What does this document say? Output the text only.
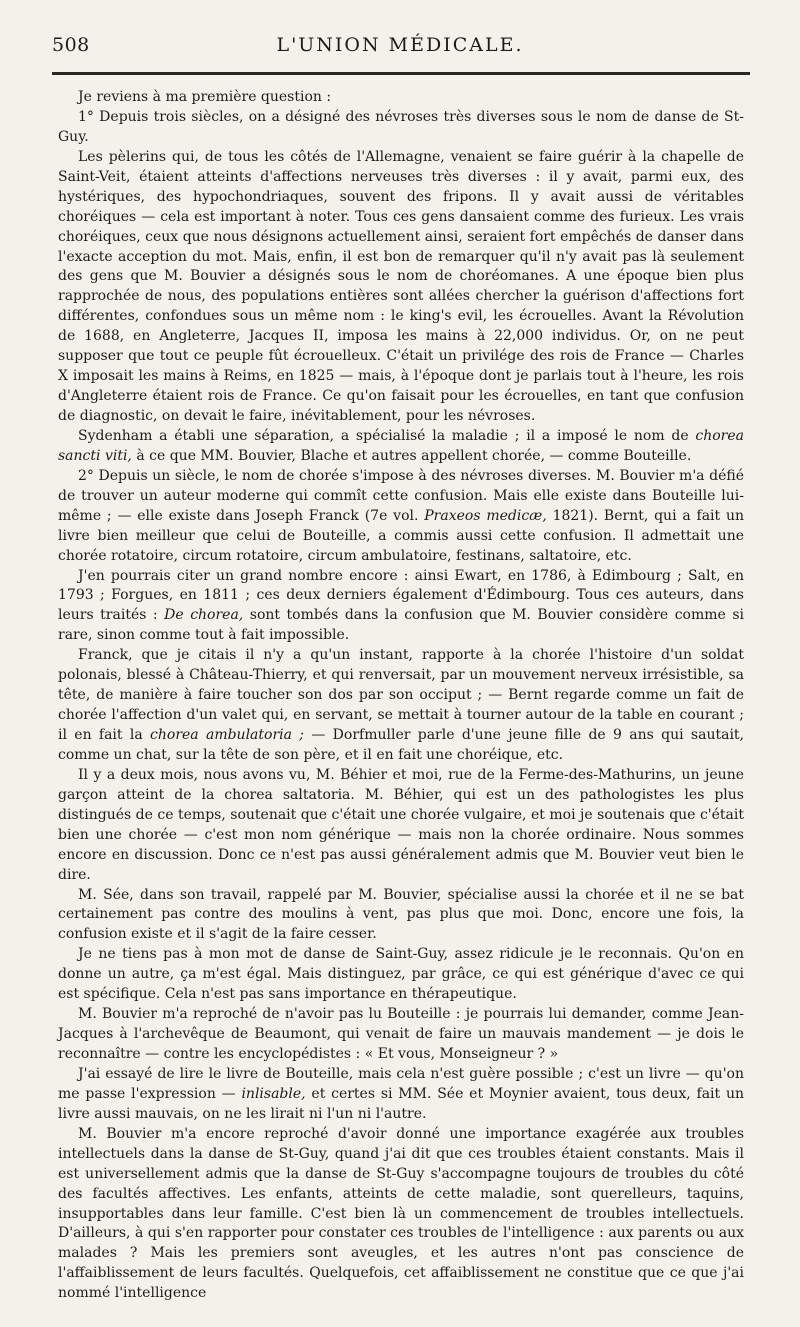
508	L'UNION MÉDICALE.

Je reviens à ma première question :

1° Depuis trois siècles, on a désigné des névroses très diverses sous le nom de danse de St-Guy.

Les pèlerins qui, de tous les côtés de l'Allemagne, venaient se faire guérir à la chapelle de Saint-Veit, étaient atteints d'affections nerveuses très diverses : il y avait, parmi eux, des hystériques, des hypochondriaques, souvent des fripons. Il y avait aussi de véritables choréiques — cela est important à noter. Tous ces gens dansaient comme des furieux. Les vrais choréiques, ceux que nous désignons actuellement ainsi, seraient fort empêchés de danser dans l'exacte acception du mot. Mais, enfin, il est bon de remarquer qu'il n'y avait pas là seulement des gens que M. Bouvier a désignés sous le nom de choréomanes. A une époque bien plus rapprochée de nous, des populations entières sont allées chercher la guérison d'affections fort différentes, confondues sous un même nom : le king's evil, les écrouelles. Avant la Révolution de 1688, en Angleterre, Jacques II, imposa les mains à 22,000 individus. Or, on ne peut supposer que tout ce peuple fût écrouelleux. C'était un privilége des rois de France — Charles X imposait les mains à Reims, en 1825 — mais, à l'époque dont je parlais tout à l'heure, les rois d'Angleterre étaient rois de France. Ce qu'on faisait pour les écrouelles, en tant que confusion de diagnostic, on devait le faire, inévitablement, pour les névroses.

Sydenham a établi une séparation, a spécialisé la maladie ; il a imposé le nom de chorea sancti viti, à ce que MM. Bouvier, Blache et autres appellent chorée, — comme Bouteille.

2° Depuis un siècle, le nom de chorée s'impose à des névroses diverses. M. Bouvier m'a défié de trouver un auteur moderne qui commît cette confusion. Mais elle existe dans Bouteille lui-même ; — elle existe dans Joseph Franck (7e vol. Praxeos medicæ, 1821). Bernt, qui a fait un livre bien meilleur que celui de Bouteille, a commis aussi cette confusion. Il admettait une chorée rotatoire, circum rotatoire, circum ambulatoire, festinans, saltatoire, etc.

J'en pourrais citer un grand nombre encore : ainsi Ewart, en 1786, à Edimbourg ; Salt, en 1793 ; Forgues, en 1811 ; ces deux derniers également d'Édimbourg. Tous ces auteurs, dans leurs traités : De chorea, sont tombés dans la confusion que M. Bouvier considère comme si rare, sinon comme tout à fait impossible.

Franck, que je citais il n'y a qu'un instant, rapporte à la chorée l'histoire d'un soldat polonais, blessé à Château-Thierry, et qui renversait, par un mouvement nerveux irrésistible, sa tête, de manière à faire toucher son dos par son occiput ; — Bernt regarde comme un fait de chorée l'affection d'un valet qui, en servant, se mettait à tourner autour de la table en courant ; il en fait la chorea ambulatoria ; — Dorfmuller parle d'une jeune fille de 9 ans qui sautait, comme un chat, sur la tête de son père, et il en fait une choréique, etc.

Il y a deux mois, nous avons vu, M. Béhier et moi, rue de la Ferme-des-Mathurins, un jeune garçon atteint de la chorea saltatoria. M. Béhier, qui est un des pathologistes les plus distingués de ce temps, soutenait que c'était une chorée vulgaire, et moi je soutenais que c'était bien une chorée — c'est mon nom générique — mais non la chorée ordinaire. Nous sommes encore en discussion. Donc ce n'est pas aussi généralement admis que M. Bouvier veut bien le dire.

M. Sée, dans son travail, rappelé par M. Bouvier, spécialise aussi la chorée et il ne se bat certainement pas contre des moulins à vent, pas plus que moi. Donc, encore une fois, la confusion existe et il s'agit de la faire cesser.

Je ne tiens pas à mon mot de danse de Saint-Guy, assez ridicule je le reconnais. Qu'on en donne un autre, ça m'est égal. Mais distinguez, par grâce, ce qui est générique d'avec ce qui est spécifique. Cela n'est pas sans importance en thérapeutique.

M. Bouvier m'a reproché de n'avoir pas lu Bouteille : je pourrais lui demander, comme Jean-Jacques à l'archevêque de Beaumont, qui venait de faire un mauvais mandement — je dois le reconnaître — contre les encyclopédistes : « Et vous, Monseigneur ? »

J'ai essayé de lire le livre de Bouteille, mais cela n'est guère possible ; c'est un livre — qu'on me passe l'expression — inlisable, et certes si MM. Sée et Moynier avaient, tous deux, fait un livre aussi mauvais, on ne les lirait ni l'un ni l'autre.

M. Bouvier m'a encore reproché d'avoir donné une importance exagérée aux troubles intellectuels dans la danse de St-Guy, quand j'ai dit que ces troubles étaient constants. Mais il est universellement admis que la danse de St-Guy s'accompagne toujours de troubles du côté des facultés affectives. Les enfants, atteints de cette maladie, sont querelleurs, taquins, insupportables dans leur famille. C'est bien là un commencement de troubles intellectuels. D'ailleurs, à qui s'en rapporter pour constater ces troubles de l'intelligence : aux parents ou aux malades ? Mais les premiers sont aveugles, et les autres n'ont pas conscience de l'affaiblissement de leurs facultés. Quelquefois, cet affaiblissement ne constitue que ce que j'ai nommé l'intelligence
